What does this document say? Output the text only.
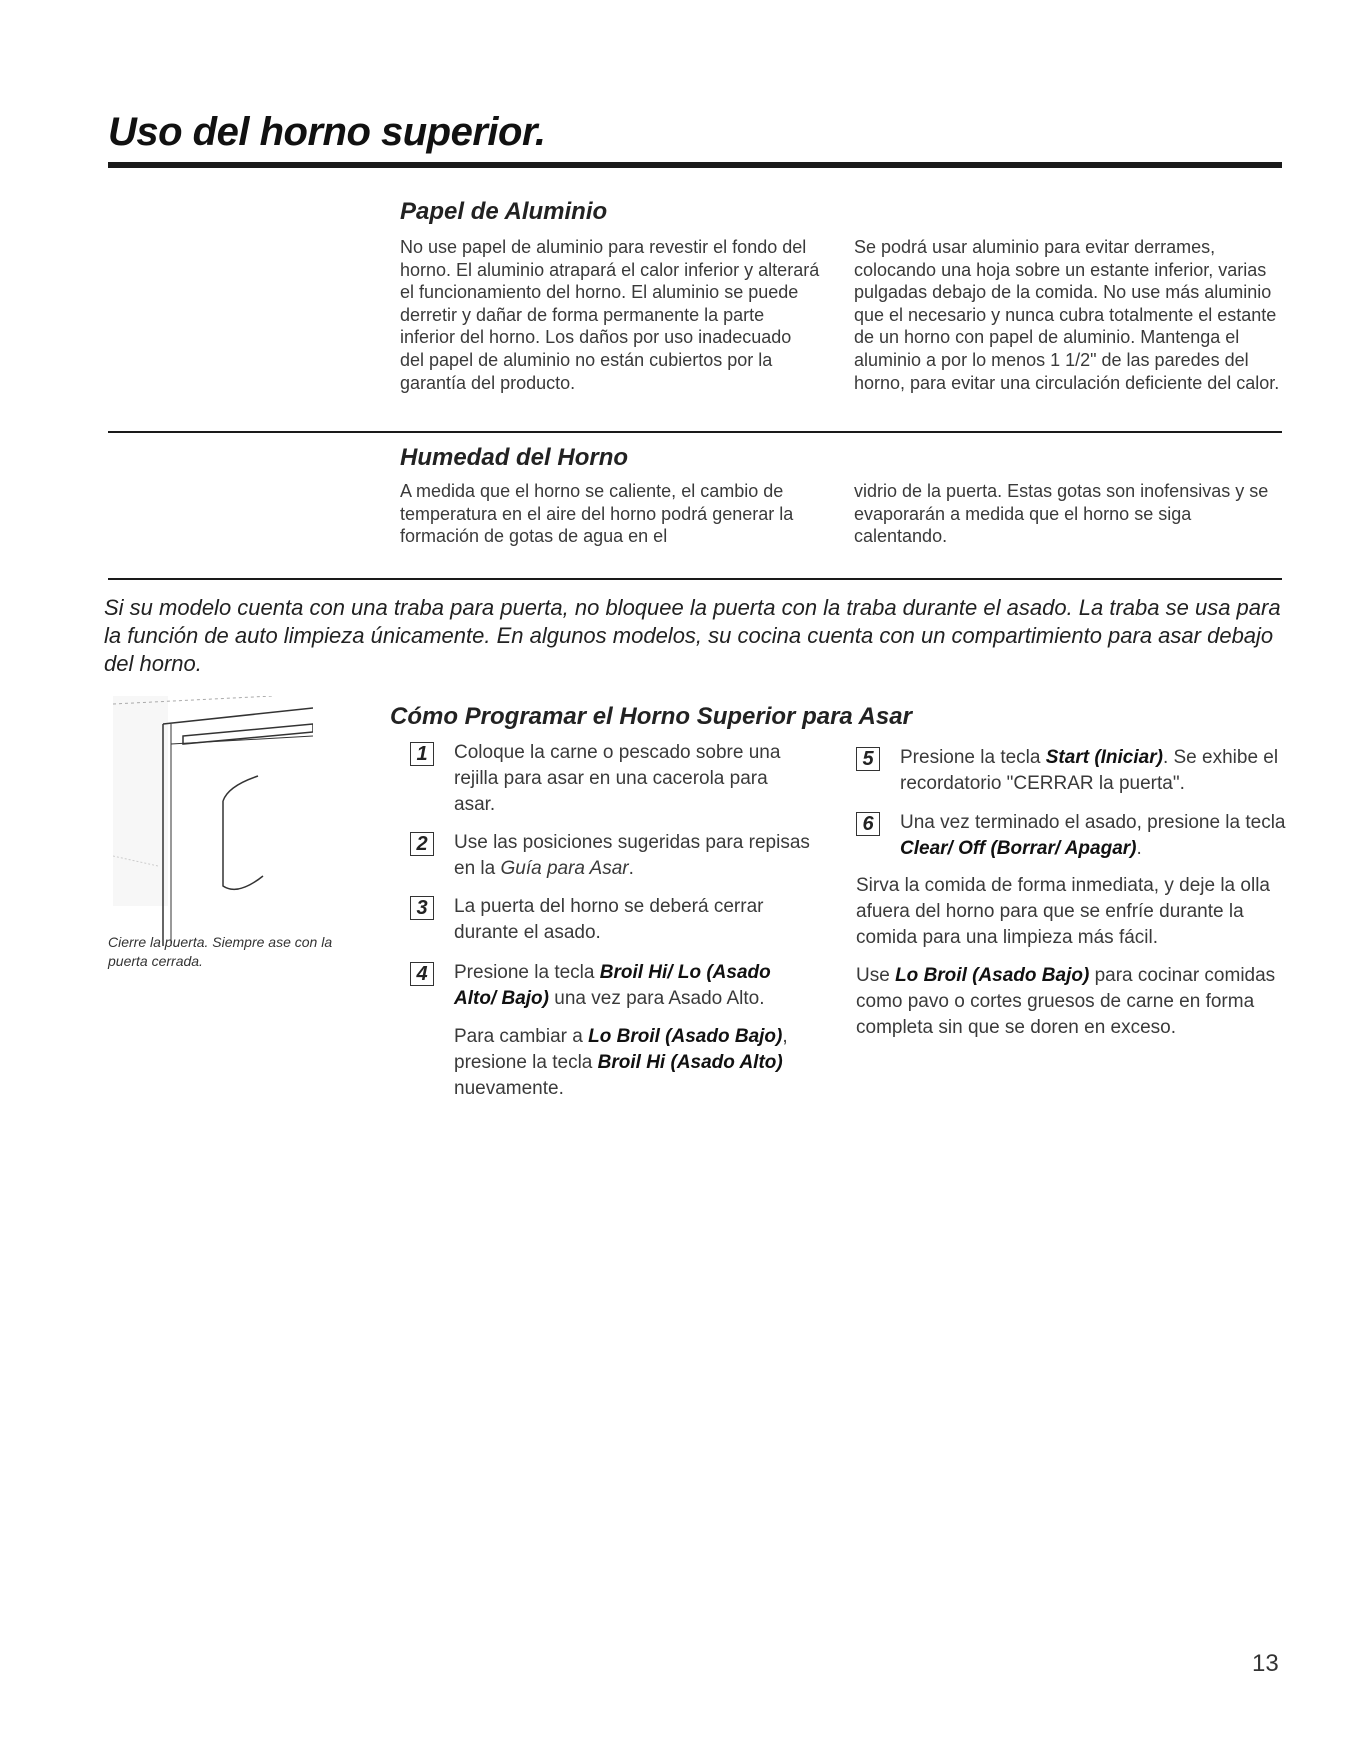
Uso del horno superior.
Papel de Aluminio

No use papel de aluminio para revestir el fondo del horno. El aluminio atrapará el calor inferior y alterará el funcionamiento del horno. El aluminio se puede derretir y dañar de forma permanente la parte inferior del horno. Los daños por uso inadecuado del papel de aluminio no están cubiertos por la garantía del producto.

Se podrá usar aluminio para evitar derrames, colocando una hoja sobre un estante inferior, varias pulgadas debajo de la comida. No use más aluminio que el necesario y nunca cubra totalmente el estante de un horno con papel de aluminio. Mantenga el aluminio a por lo menos 1 1/2" de las paredes del horno, para evitar una circulación deficiente del calor.

Humedad del Horno

A medida que el horno se caliente, el cambio de temperatura en el aire del horno podrá generar la formación de gotas de agua en el

vidrio de la puerta. Estas gotas son inofensivas y se evaporarán a medida que el horno se siga calentando.

Si su modelo cuenta con una traba para puerta, no bloquee la puerta con la traba durante el asado. La traba se usa para la función de auto limpieza únicamente. En algunos modelos, su cocina cuenta con un compartimiento para asar debajo del horno.

Cierre la puerta. Siempre ase con la puerta cerrada.

Cómo Programar el Horno Superior para Asar
1	Coloque la carne o pescado sobre una rejilla para asar en una cacerola para asar.

2	Use las posiciones sugeridas para repisas en la Guía para Asar.

3	La puerta del horno se deberá cerrar durante el asado.

4	Presione la tecla Broil Hi/ Lo (Asado Alto/ Bajo) una vez para Asado Alto.

Para cambiar a Lo Broil (Asado Bajo), presione la tecla Broil Hi (Asado Alto) nuevamente.

5	Presione la tecla Start (Iniciar). Se exhibe el recordatorio "CERRAR la puerta".

6	Una vez terminado el asado, presione la tecla Clear/ Off (Borrar/ Apagar).

Sirva la comida de forma inmediata, y deje la olla afuera del horno para que se enfríe durante la comida para una limpieza más fácil.

Use Lo Broil (Asado Bajo) para cocinar comidas como pavo o cortes gruesos de carne en forma completa sin que se doren en exceso.

13
